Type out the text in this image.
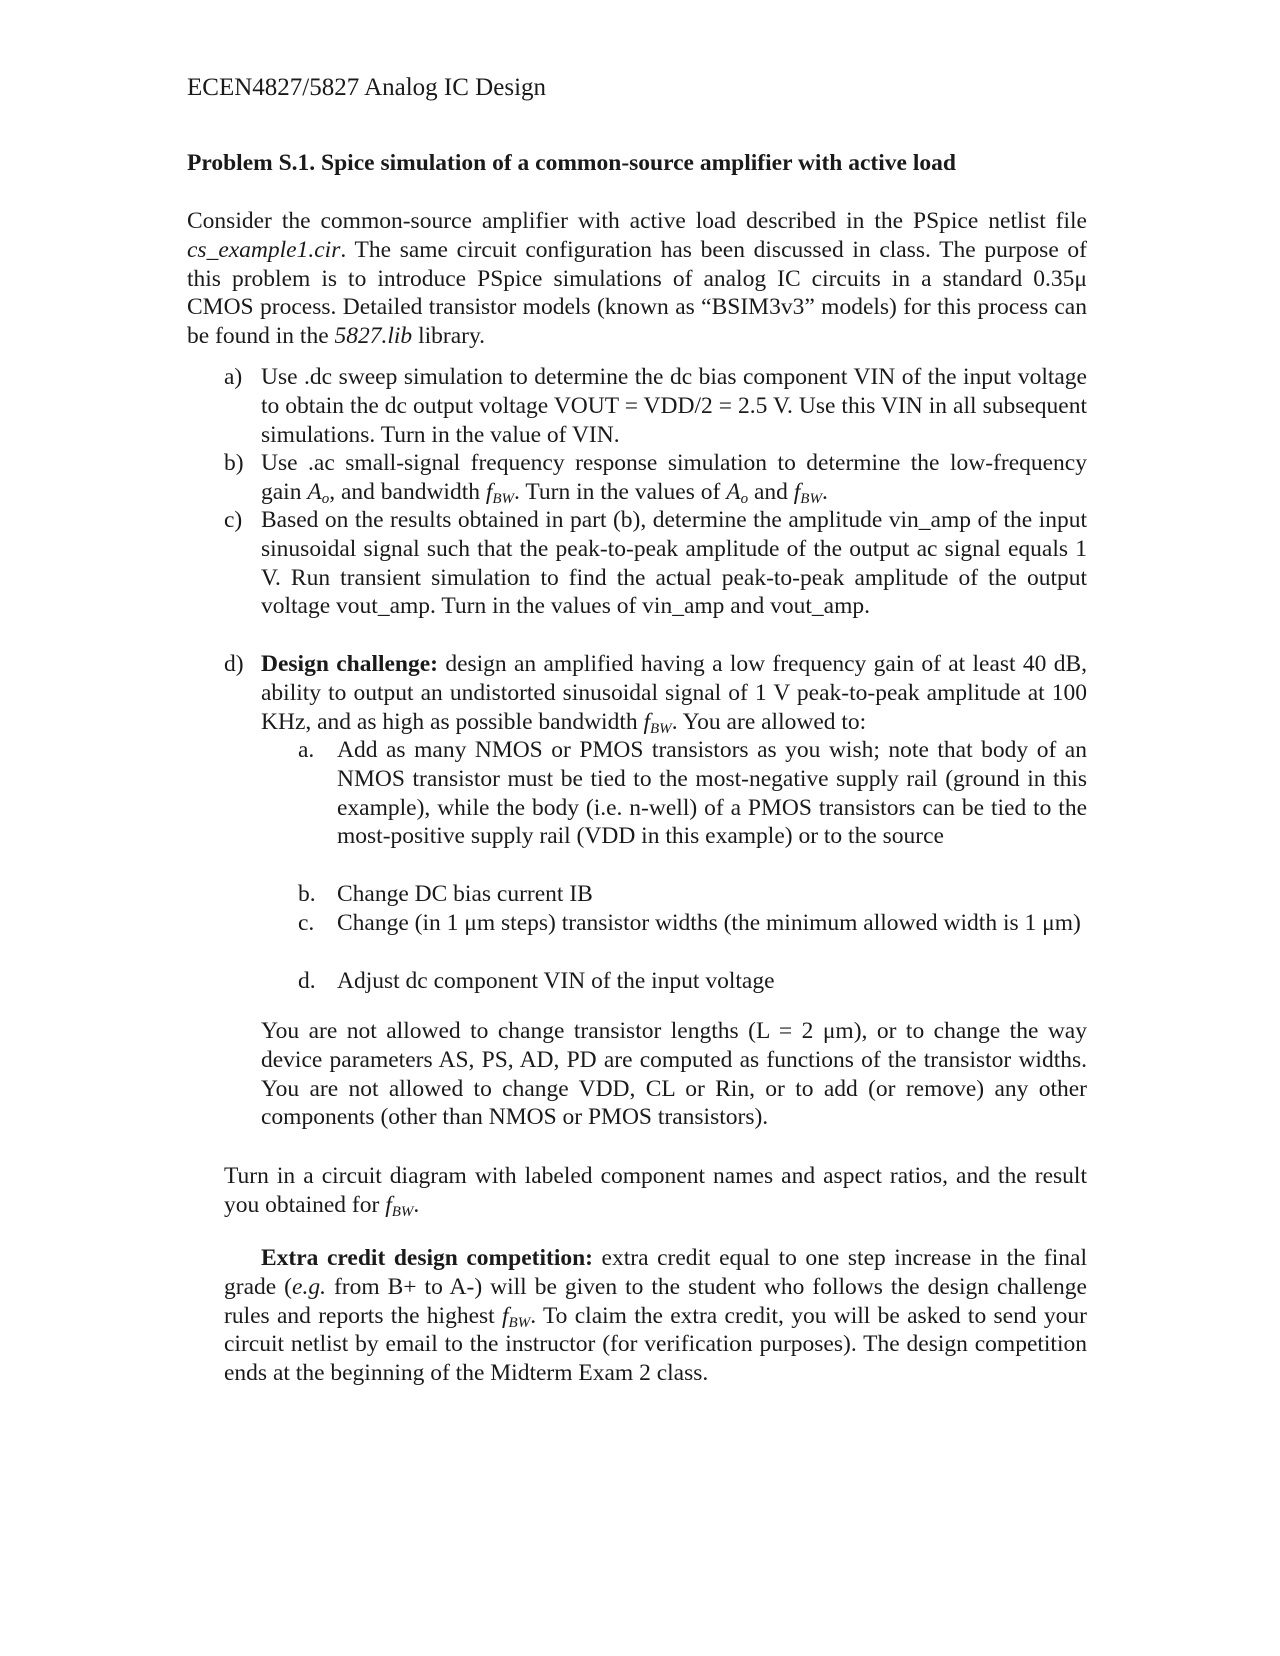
ECEN4827/5827 Analog IC Design
Problem S.1. Spice simulation of a common-source amplifier with active load

Consider the common-source amplifier with active load described in the PSpice netlist file cs_example1.cir. The same circuit configuration has been discussed in class. The purpose of this problem is to introduce PSpice simulations of analog IC circuits in a standard 0.35μ CMOS process. Detailed transistor models (known as “BSIM3v3” models) for this process can be found in the 5827.lib library.

a) Use .dc sweep simulation to determine the dc bias component VIN of the input voltage to obtain the dc output voltage VOUT = VDD/2 = 2.5 V. Use this VIN in all subsequent simulations. Turn in the value of VIN.
b) Use .ac small-signal frequency response simulation to determine the low-frequency gain $A_o$, and bandwidth $f_{BW}$. Turn in the values of $A_o$ and $f_{BW}$.
c) Based on the results obtained in part (b), determine the amplitude vin_amp of the input sinusoidal signal such that the peak-to-peak amplitude of the output ac signal equals 1 V. Run transient simulation to find the actual peak-to-peak amplitude of the output voltage vout_amp. Turn in the values of vin_amp and vout_amp.
d) Design challenge: design an amplified having a low frequency gain of at least 40 dB, ability to output an undistorted sinusoidal signal of 1 V peak-to-peak amplitude at 100 KHz, and as high as possible bandwidth $f_{BW}$. You are allowed to:
a. Add as many NMOS or PMOS transistors as you wish; note that body of an NMOS transistor must be tied to the most-negative supply rail (ground in this example), while the body (i.e. n-well) of a PMOS transistors can be tied to the most-positive supply rail (VDD in this example) or to the source
b. Change DC bias current IB
c. Change (in 1 μm steps) transistor widths (the minimum allowed width is 1 μm)
d. Adjust dc component VIN of the input voltage

You are not allowed to change transistor lengths (L = 2 μm), or to change the way device parameters AS, PS, AD, PD are computed as functions of the transistor widths. You are not allowed to change VDD, CL or Rin, or to add (or remove) any other components (other than NMOS or PMOS transistors).

Turn in a circuit diagram with labeled component names and aspect ratios, and the result you obtained for $f_{BW}$.

Extra credit design competition: extra credit equal to one step increase in the final grade (e.g. from B+ to A-) will be given to the student who follows the design challenge rules and reports the highest $f_{BW}$. To claim the extra credit, you will be asked to send your circuit netlist by email to the instructor (for verification purposes). The design competition ends at the beginning of the Midterm Exam 2 class.
